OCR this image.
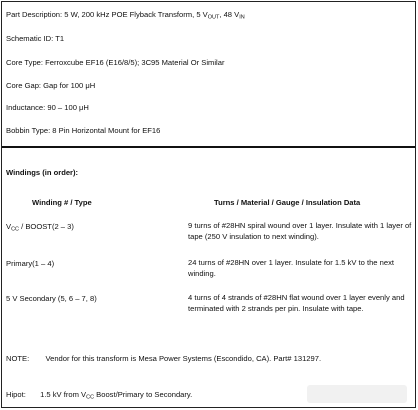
Part Description: 5 W, 200 kHz POE Flyback Transform, 5 $V_{OUT}$, 48 $V_{IN}$
Schematic ID: T1
Core Type: Ferroxcube EF16 (E16/8/5); 3C95 Material Or Similar
Core Gap: Gap for 100 μH
Inductance: 90 – 100 μH
Bobbin Type: 8 Pin Horizontal Mount for EF16
Windings (in order):
Winding # / Type	Turns / Material / Gauge / Insulation Data
$V_{CC}$ / BOOST(2 – 3)	9 turns of #28HN spiral wound over 1 layer. Insulate with 1 layer of tape (250 V insulation to next winding).
Primary(1 – 4)	24 turns of #28HN over 1 layer. Insulate for 1.5 kV to the next winding.
5 V Secondary (5, 6 – 7, 8)	4 turns of 4 strands of #28HN flat wound over 1 layer evenly and terminated with 2 strands per pin. Insulate with tape.
NOTE: Vendor for this transform is Mesa Power Systems (Escondido, CA). Part# 131297.
Hipot: 1.5 kV from $V_{CC}$ Boost/Primary to Secondary.
